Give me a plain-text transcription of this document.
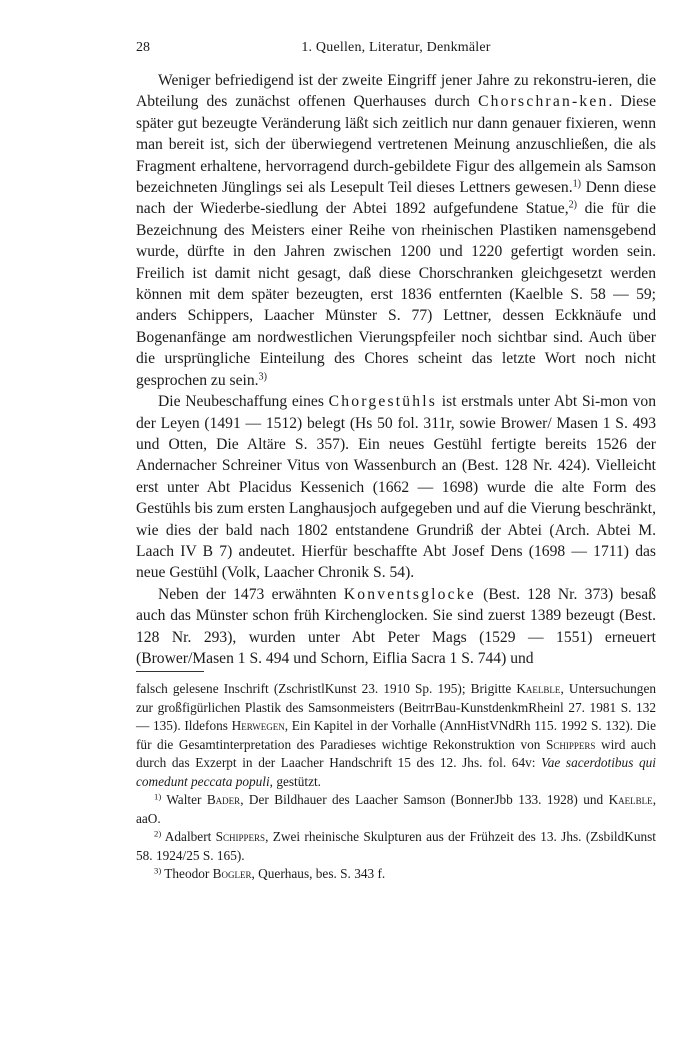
28	1. Quellen, Literatur, Denkmäler

Weniger befriedigend ist der zweite Eingriff jener Jahre zu rekonstru-ieren, die Abteilung des zunächst offenen Querhauses durch Chorschran-ken. Diese später gut bezeugte Veränderung läßt sich zeitlich nur dann genauer fixieren, wenn man bereit ist, sich der überwiegend vertretenen Meinung anzuschließen, die als Fragment erhaltene, hervorragend durch-gebildete Figur des allgemein als Samson bezeichneten Jünglings sei als Lesepult Teil dieses Lettners gewesen.$^{1)}$ Denn diese nach der Wiederbe-siedlung der Abtei 1892 aufgefundene Statue,$^{2)}$ die für die Bezeichnung des Meisters einer Reihe von rheinischen Plastiken namensgebend wurde, dürfte in den Jahren zwischen 1200 und 1220 gefertigt worden sein. Freilich ist damit nicht gesagt, daß diese Chorschranken gleichgesetzt werden können mit dem später bezeugten, erst 1836 entfernten (Kaelble S. 58 — 59; anders Schippers, Laacher Münster S. 77) Lettner, dessen Eckknäufe und Bogenanfänge am nordwestlichen Vierungspfeiler noch sichtbar sind. Auch über die ursprüngliche Einteilung des Chores scheint das letzte Wort noch nicht gesprochen zu sein.$^{3)}$

Die Neubeschaffung eines Chorgestühls ist erstmals unter Abt Si-mon von der Leyen (1491 — 1512) belegt (Hs 50 fol. 311r, sowie Brower/ Masen 1 S. 493 und Otten, Die Altäre S. 357). Ein neues Gestühl fertigte bereits 1526 der Andernacher Schreiner Vitus von Wassenburch an (Best. 128 Nr. 424). Vielleicht erst unter Abt Placidus Kessenich (1662 — 1698) wurde die alte Form des Gestühls bis zum ersten Langhausjoch aufgegeben und auf die Vierung beschränkt, wie dies der bald nach 1802 entstandene Grundriß der Abtei (Arch. Abtei M. Laach IV B 7) andeutet. Hierfür beschaffte Abt Josef Dens (1698 — 1711) das neue Gestühl (Volk, Laacher Chronik S. 54).

Neben der 1473 erwähnten Konventsglocke (Best. 128 Nr. 373) besaß auch das Münster schon früh Kirchenglocken. Sie sind zuerst 1389 bezeugt (Best. 128 Nr. 293), wurden unter Abt Peter Mags (1529 — 1551) erneuert (Brower/Masen 1 S. 494 und Schorn, Eiflia Sacra 1 S. 744) und

falsch gelesene Inschrift (ZschristlKunst 23. 1910 Sp. 195); Brigitte Kaelble, Untersuchungen zur großfigürlichen Plastik des Samsonmeisters (BeitrrBau-KunstdenkmRheinl 27. 1981 S. 132 — 135). Ildefons Herwegen, Ein Kapitel in der Vorhalle (AnnHistVNdRh 115. 1992 S. 132). Die für die Gesamtinterpretation des Paradieses wichtige Rekonstruktion von Schippers wird auch durch das Exzerpt in der Laacher Handschrift 15 des 12. Jhs. fol. 64v: Vae sacerdotibus qui comedunt peccata populi, gestützt.

$^{1)}$ Walter Bader, Der Bildhauer des Laacher Samson (BonnerJbb 133. 1928) und Kaelble, aaO.

$^{2)}$ Adalbert Schippers, Zwei rheinische Skulpturen aus der Frühzeit des 13. Jhs. (ZsbildKunst 58. 1924/25 S. 165).

$^{3)}$ Theodor Bogler, Querhaus, bes. S. 343 f.
